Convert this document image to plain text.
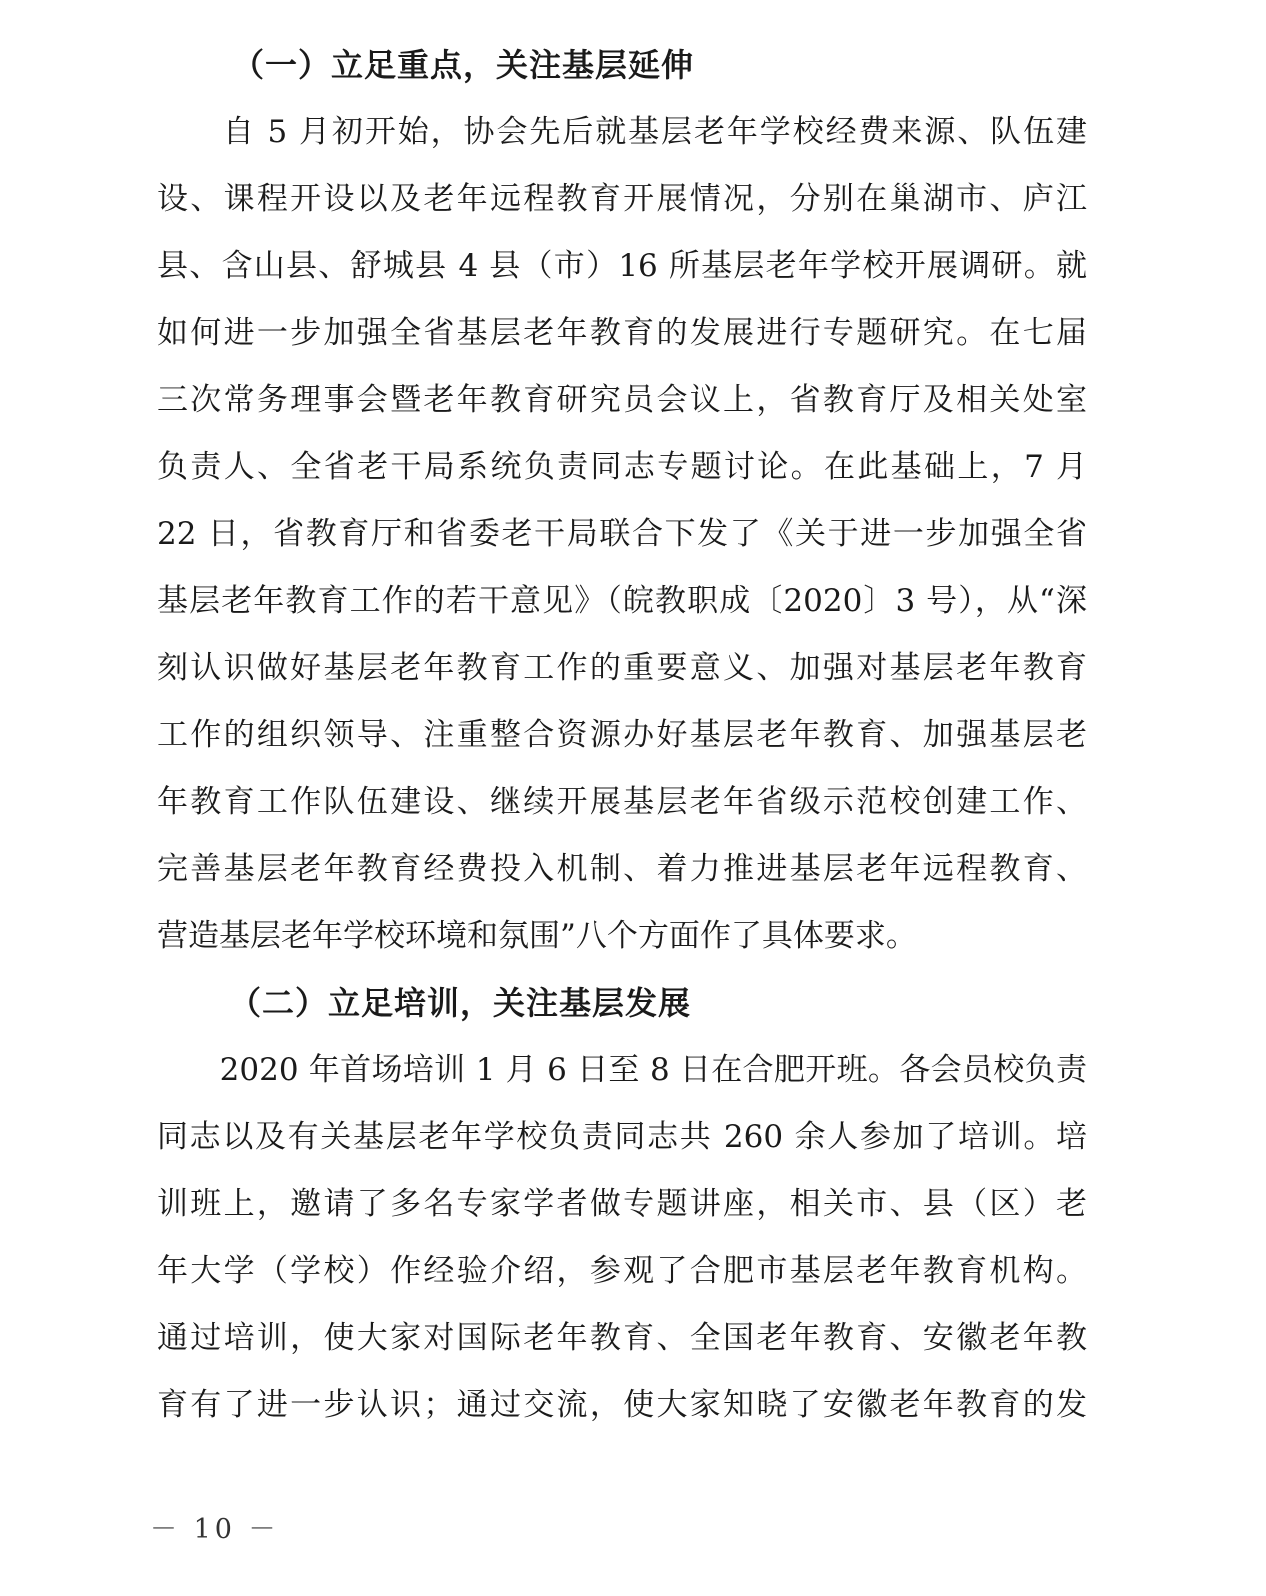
（一）立足重点，关注基层延伸
　　自 5 月初开始，协会先后就基层老年学校经费来源、队伍建
设、课程开设以及老年远程教育开展情况，分别在巢湖市、庐江
县、含山县、舒城县 4 县（市）16 所基层老年学校开展调研。就
如何进一步加强全省基层老年教育的发展进行专题研究。在七届
三次常务理事会暨老年教育研究员会议上，省教育厅及相关处室
负责人、全省老干局系统负责同志专题讨论。在此基础上，7 月
22 日，省教育厅和省委老干局联合下发了《关于进一步加强全省
基层老年教育工作的若干意见》（皖教职成〔2020〕3 号），从“深
刻认识做好基层老年教育工作的重要意义、加强对基层老年教育
工作的组织领导、注重整合资源办好基层老年教育、加强基层老
年教育工作队伍建设、继续开展基层老年省级示范校创建工作、
完善基层老年教育经费投入机制、着力推进基层老年远程教育、
营造基层老年学校环境和氛围”八个方面作了具体要求。
（二）立足培训，关注基层发展
　　2020 年首场培训 1 月 6 日至 8 日在合肥开班。各会员校负责
同志以及有关基层老年学校负责同志共 260 余人参加了培训。培
训班上，邀请了多名专家学者做专题讲座，相关市、县（区）老
年大学（学校）作经验介绍，参观了合肥市基层老年教育机构。
通过培训，使大家对国际老年教育、全国老年教育、安徽老年教
育有了进一步认识；通过交流，使大家知晓了安徽老年教育的发
－ 10 －
